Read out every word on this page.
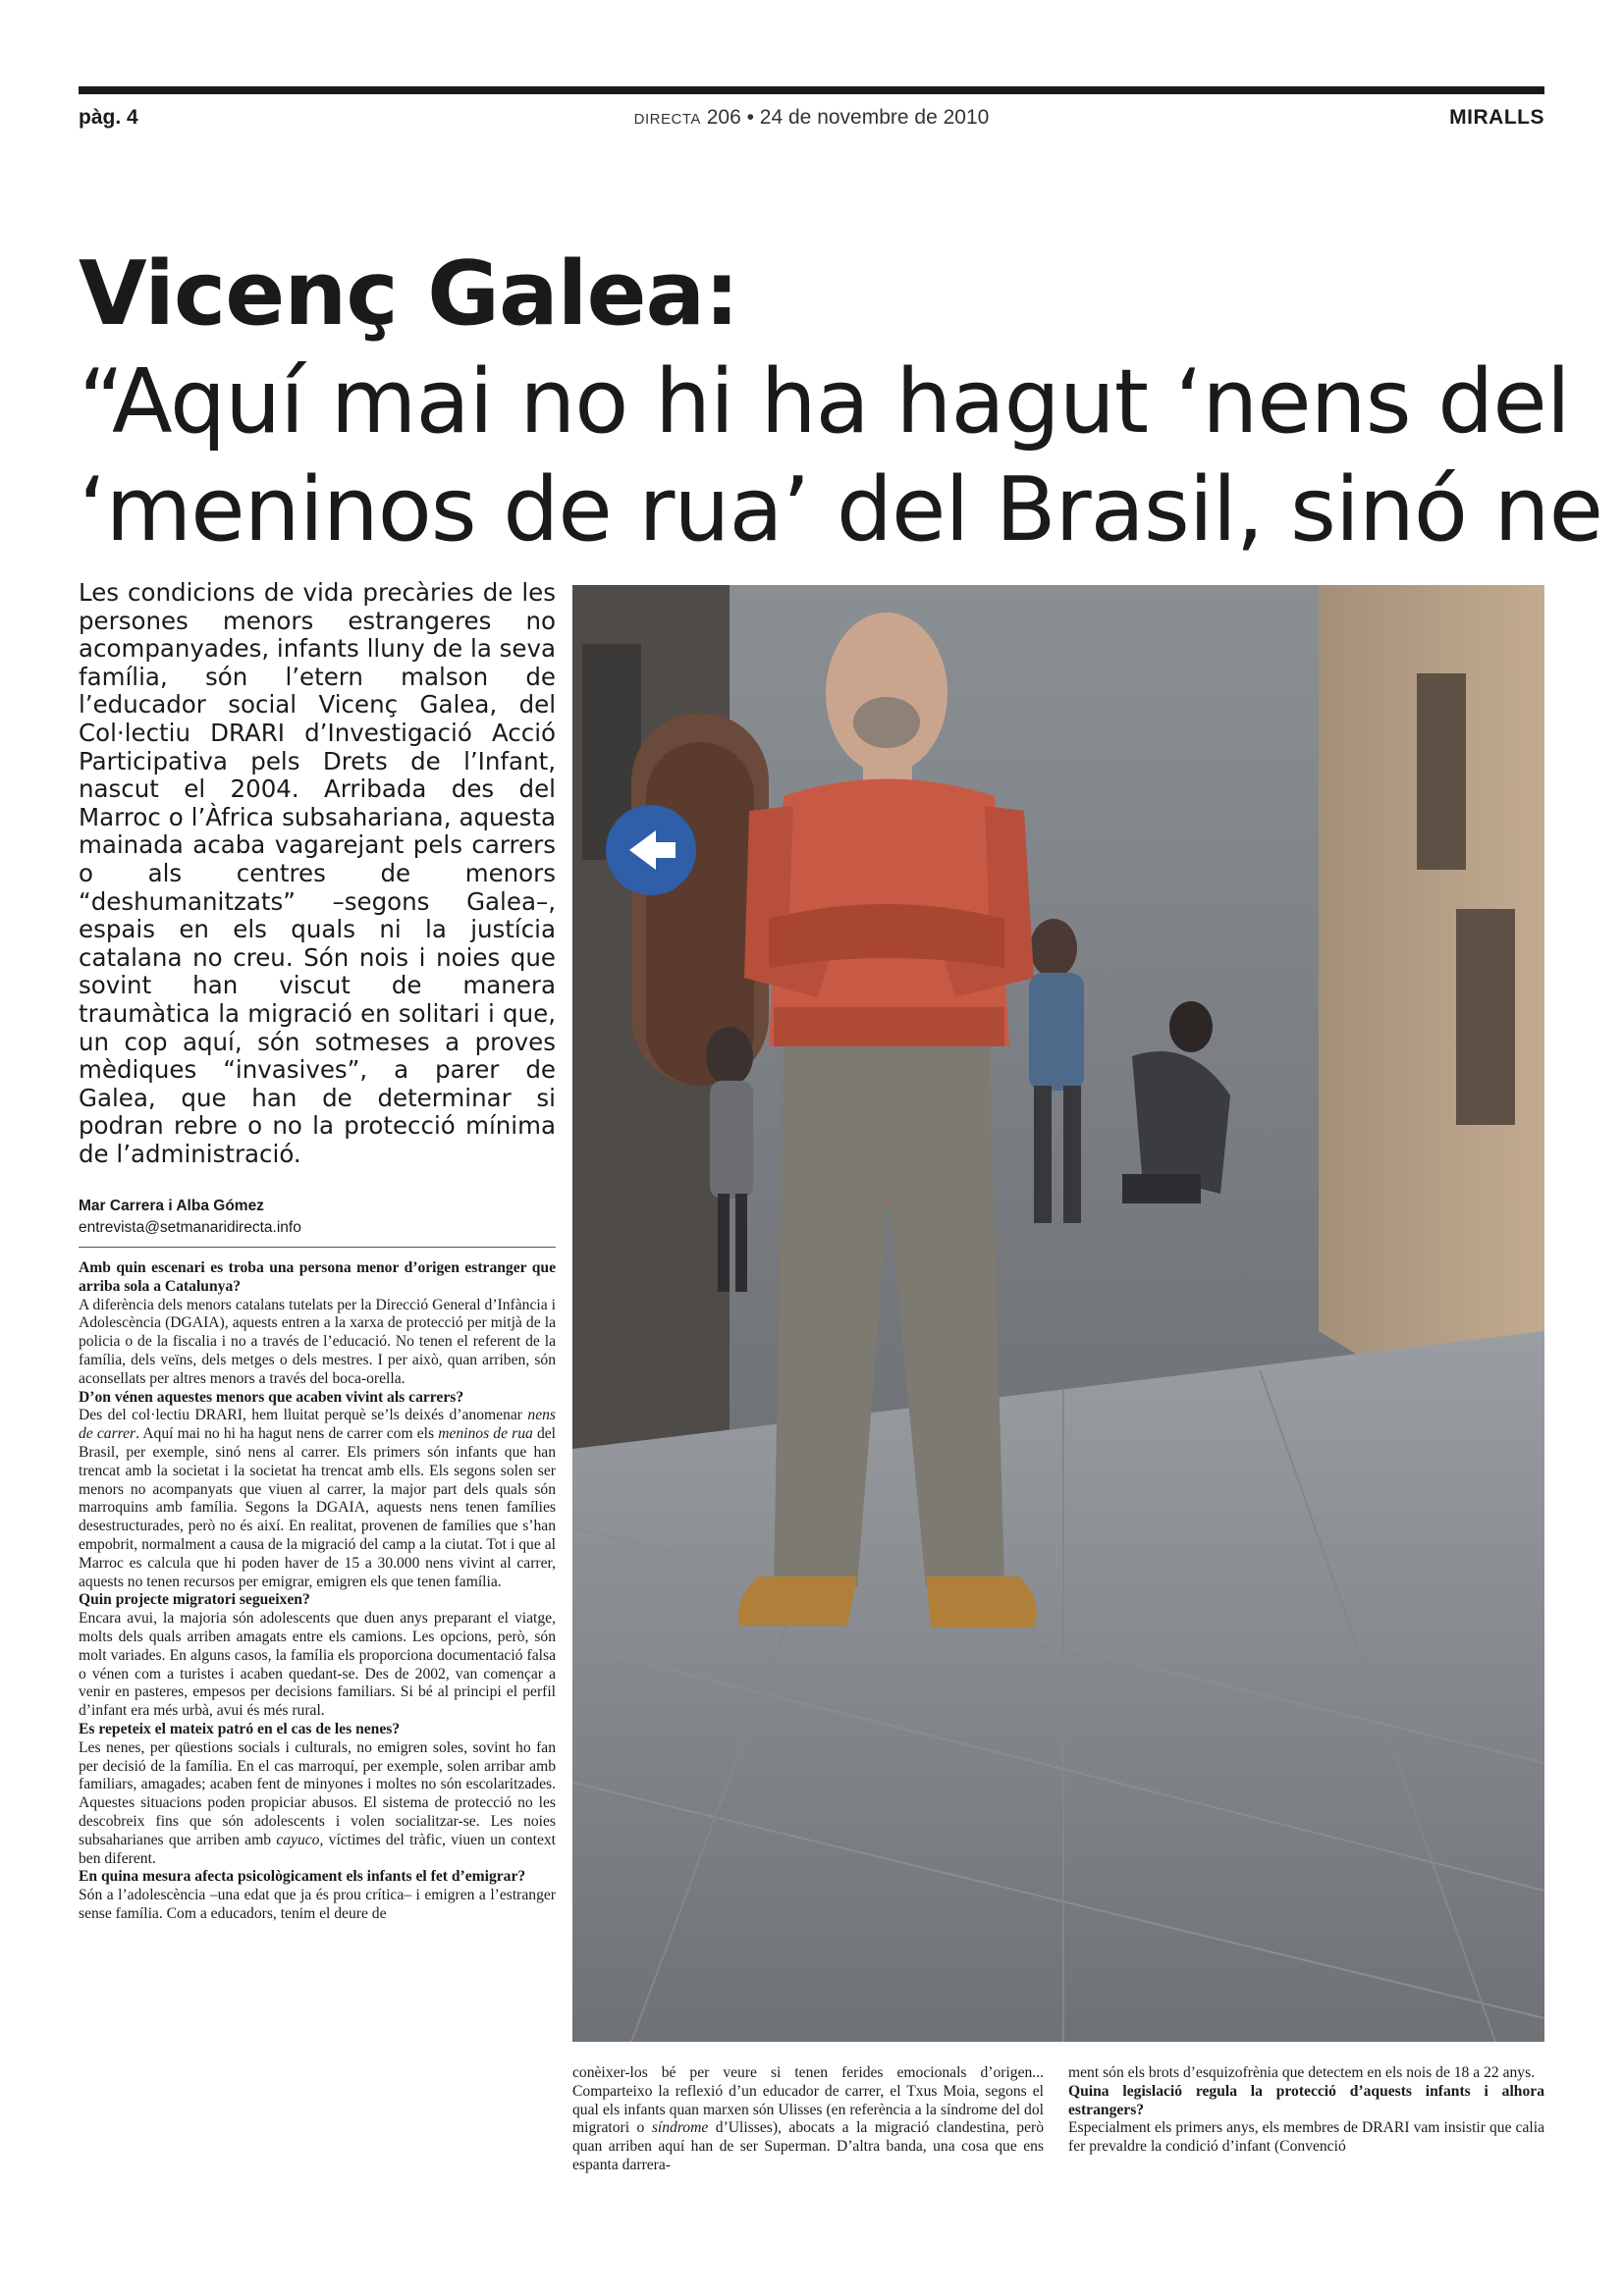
pàg. 4	DIRECTA 206 • 24 de novembre de 2010	MIRALLS
Vicenç Galea:
“Aquí mai no hi ha hagut ‘nens del
‘meninos de rua’ del Brasil, sinó ne
Les condicions de vida precàries de les persones menors estrangeres no acompanyades, infants lluny de la seva família, són l’etern malson de l’educador social Vicenç Galea, del Col·lectiu DRARI d’Investigació Acció Participativa pels Drets de l’Infant, nascut el 2004. Arribada des del Marroc o l’Àfrica subsahariana, aquesta mainada acaba vagarejant pels carrers o als centres de menors “deshumanitzats” –segons Galea–, espais en els quals ni la justícia catalana no creu. Són nois i noies que sovint han viscut de manera traumàtica la migració en solitari i que, un cop aquí, són sotmeses a proves mèdiques “invasives”, a parer de Galea, que han de determinar si podran rebre o no la protecció mínima de l’administració.
Mar Carrera i Alba Gómez
entrevista@setmanaridirecta.info

Amb quin escenari es troba una persona menor d’origen estranger que arriba sola a Catalunya?

A diferència dels menors catalans tutelats per la Direcció General d’Infància i Adolescència (DGAIA), aquests entren a la xarxa de protecció per mitjà de la policia o de la fiscalia i no a través de l’educació. No tenen el referent de la família, dels veïns, dels metges o dels mestres. I per això, quan arriben, són aconsellats per altres menors a través del boca-orella.

D’on vénen aquestes menors que acaben vivint als carrers?

Des del col·lectiu DRARI, hem lluitat perquè se’ls deixés d’anomenar nens de carrer. Aquí mai no hi ha hagut nens de carrer com els meninos de rua del Brasil, per exemple, sinó nens al carrer. Els primers són infants que han trencat amb la societat i la societat ha trencat amb ells. Els segons solen ser menors no acompanyats que viuen al carrer, la major part dels quals són marroquins amb família. Segons la DGAIA, aquests nens tenen famílies desestructurades, però no és així. En realitat, provenen de famílies que s’han empobrit, normalment a causa de la migració del camp a la ciutat. Tot i que al Marroc es calcula que hi poden haver de 15 a 30.000 nens vivint al carrer, aquests no tenen recursos per emigrar, emigren els que tenen família.

Quin projecte migratori segueixen?

Encara avui, la majoria són adolescents que duen anys preparant el viatge, molts dels quals arriben amagats entre els camions. Les opcions, però, són molt variades. En alguns casos, la família els proporciona documentació falsa o vénen com a turistes i acaben quedant-se. Des de 2002, van començar a venir en pasteres, empesos per decisions familiars. Si bé al principi el perfil d’infant era més urbà, avui és més rural.

Es repeteix el mateix patró en el cas de les nenes?

Les nenes, per qüestions socials i culturals, no emigren soles, sovint ho fan per decisió de la família. En el cas marroquí, per exemple, solen arribar amb familiars, amagades; acaben fent de minyones i moltes no són escolaritzades. Aquestes situacions poden propiciar abusos. El sistema de protecció no les descobreix fins que són adolescents i volen socialitzar-se. Les noies subsaharianes que arriben amb cayuco, víctimes del tràfic, viuen un context ben diferent.

En quina mesura afecta psicològicament els infants el fet d’emigrar?

Són a l’adolescència –una edat que ja és prou crítica– i emigren a l’estranger sense família. Com a educadors, tenim el deure de

conèixer-los bé per veure si tenen ferides emocionals d’origen... Comparteixo la reflexió d’un educador de carrer, el Txus Moia, segons el qual els infants quan marxen són Ulisses (en referència a la síndrome del dol migratori o síndrome d’Ulisses), abocats a la migració clandestina, però quan arriben aquí han de ser Superman. D’altra banda, una cosa que ens espanta darrera-

ment són els brots d’esquizofrènia que detectem en els nois de 18 a 22 anys.

Quina legislació regula la protecció d’aquests infants i alhora estrangers?

Especialment els primers anys, els membres de DRARI vam insistir que calia fer prevaldre la condició d’infant (Convenció
